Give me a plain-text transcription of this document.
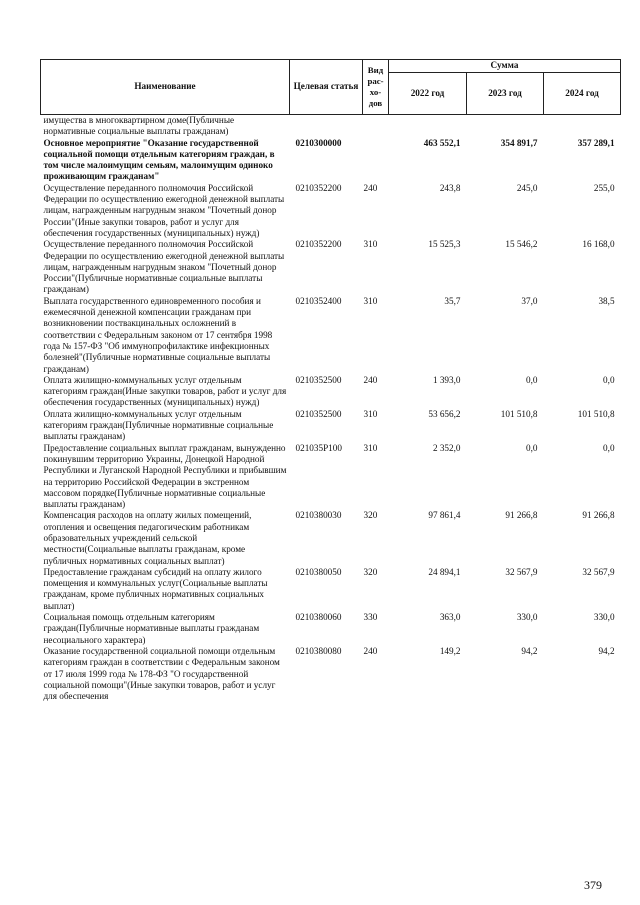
Наименование	Целевая статья	Вид рас-хо-дов	Сумма		
			2022 год	2023 год	2024 год
имущества в многоквартирном доме(Публичные нормативные социальные выплаты гражданам)					
Основное мероприятие "Оказание государственной социальной помощи отдельным категориям граждан, в том числе малоимущим семьям, малоимущим одиноко проживающим гражданам"	0210300000		463 552,1	354 891,7	357 289,1
Осуществление переданного полномочия Российской Федерации по осуществлению ежегодной денежной выплаты лицам, награжденным нагрудным знаком "Почетный донор России"(Иные закупки товаров, работ и услуг для обеспечения государственных (муниципальных) нужд)	0210352200	240	243,8	245,0	255,0
Осуществление переданного полномочия Российской Федерации по осуществлению ежегодной денежной выплаты лицам, награжденным нагрудным знаком "Почетный донор России"(Публичные нормативные социальные выплаты гражданам)	0210352200	310	15 525,3	15 546,2	16 168,0
Выплата государственного единовременного пособия и ежемесячной денежной компенсации гражданам при возникновении поствакцинальных осложнений в соответствии с Федеральным законом от 17 сентября 1998 года № 157-ФЗ "Об иммунопрофилактике инфекционных болезней"(Публичные нормативные социальные выплаты гражданам)	0210352400	310	35,7	37,0	38,5
Оплата жилищно-коммунальных услуг отдельным категориям граждан(Иные закупки товаров, работ и услуг для обеспечения государственных (муниципальных) нужд)	0210352500	240	1 393,0	0,0	0,0
Оплата жилищно-коммунальных услуг отдельным категориям граждан(Публичные нормативные социальные выплаты гражданам)	0210352500	310	53 656,2	101 510,8	101 510,8
Предоставление социальных выплат гражданам, вынужденно покинувшим территорию Украины, Донецкой Народной Республики и Луганской Народной Республики и прибывшим на территорию Российской Федерации в экстренном массовом порядке(Публичные нормативные социальные выплаты гражданам)	021035Р100	310	2 352,0	0,0	0,0
Компенсация расходов на оплату жилых помещений, отопления и освещения педагогическим работникам образовательных учреждений сельской местности(Социальные выплаты гражданам, кроме публичных нормативных социальных выплат)	0210380030	320	97 861,4	91 266,8	91 266,8
Предоставление гражданам субсидий на оплату жилого помещения и коммунальных услуг(Социальные выплаты гражданам, кроме публичных нормативных социальных выплат)	0210380050	320	24 894,1	32 567,9	32 567,9
Социальная помощь отдельным категориям граждан(Публичные нормативные выплаты гражданам несоциального характера)	0210380060	330	363,0	330,0	330,0
Оказание государственной социальной помощи отдельным категориям граждан в соответствии с Федеральным законом от 17 июля 1999 года № 178-ФЗ "О государственной социальной помощи"(Иные закупки товаров, работ и услуг для обеспечения	0210380080	240	149,2	94,2	94,2
379
